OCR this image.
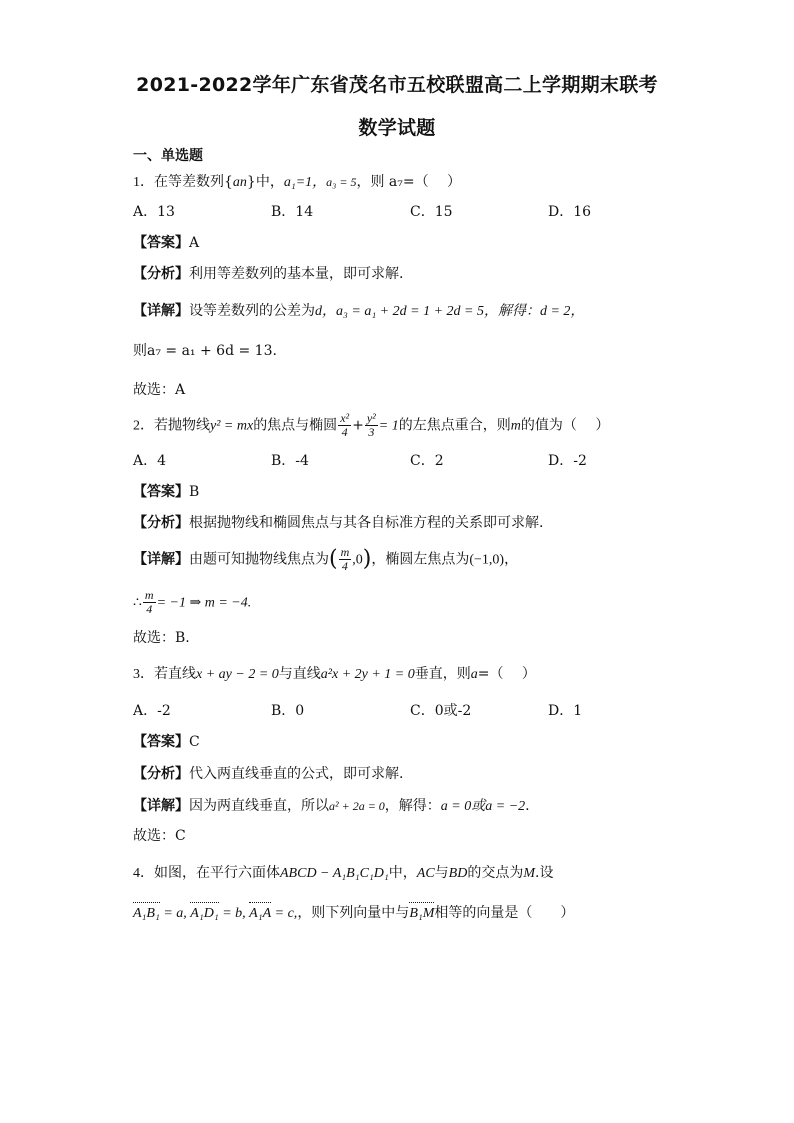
2021-2022学年广东省茂名市五校联盟高二上学期期末联考
数学试题
一、单选题
1．在等差数列{an}中，a₁=1，a₃ = 5，则 a₇=（　 ）
A．13	B．14	C．15	D．16
【答案】A
【分析】利用等差数列的基本量，即可求解.
【详解】设等差数列的公差为d，a₃ = a₁ + 2d = 1 + 2d = 5，解得：d = 2，
则a₇ = a₁ + 6d = 13.
故选：A
2．若抛物线y² = mx的焦点与椭圆 $\frac{\text{x²}}{4} + \frac{\text{y²}}{3} = 1$的左焦点重合，则m的值为（　 ）
A．4	B．-4	C．2	D．-2
【答案】B
【分析】根据抛物线和椭圆焦点与其各自标准方程的关系即可求解.
【详解】由题可知抛物线焦点为( $\frac{m}{4} ,0$)，椭圆左焦点为(−1,0)，
∴ $\frac{m}{4} = -1$ ⇒ m = −4.
故选：B.
3．若直线x + ay − 2 = 0与直线a²x + 2y + 1 = 0垂直，则a=（　 ）
A．-2	B．0	C．0或-2	D．1
【答案】C
【分析】代入两直线垂直的公式，即可求解.
【详解】因为两直线垂直，所以a² + 2a = 0，解得：a = 0或a = −2.
故选：C
4．如图，在平行六面体ABCD − A₁B₁C₁D₁中，AC与BD的交点为M.设
A₁B₁ = a, A₁D₁ = b, A₁A = c,，则下列向量中与B₁M相等的向量是（　　）
